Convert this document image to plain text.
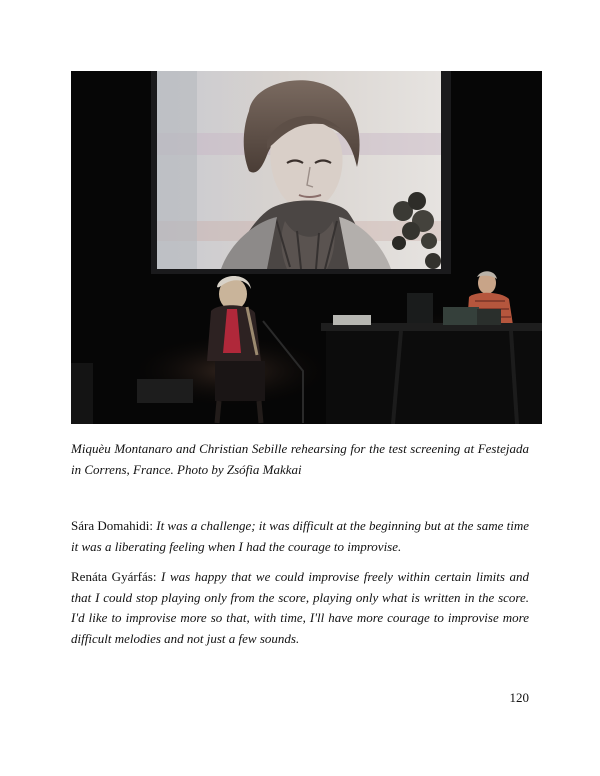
Miquèu Montanaro and Christian Sebille rehearsing for the test screening at Festejada in Correns, France. Photo by Zsófia Makkai

Sára Domahidi: It was a challenge; it was difficult at the beginning but at the same time it was a liberating feeling when I had the courage to improvise.

Renáta Gyárfás: I was happy that we could improvise freely within certain limits and that I could stop playing only from the score, playing only what is written in the score. I'd like to improvise more so that, with time, I'll have more courage to improvise more difficult melodies and not just a few sounds.

120
